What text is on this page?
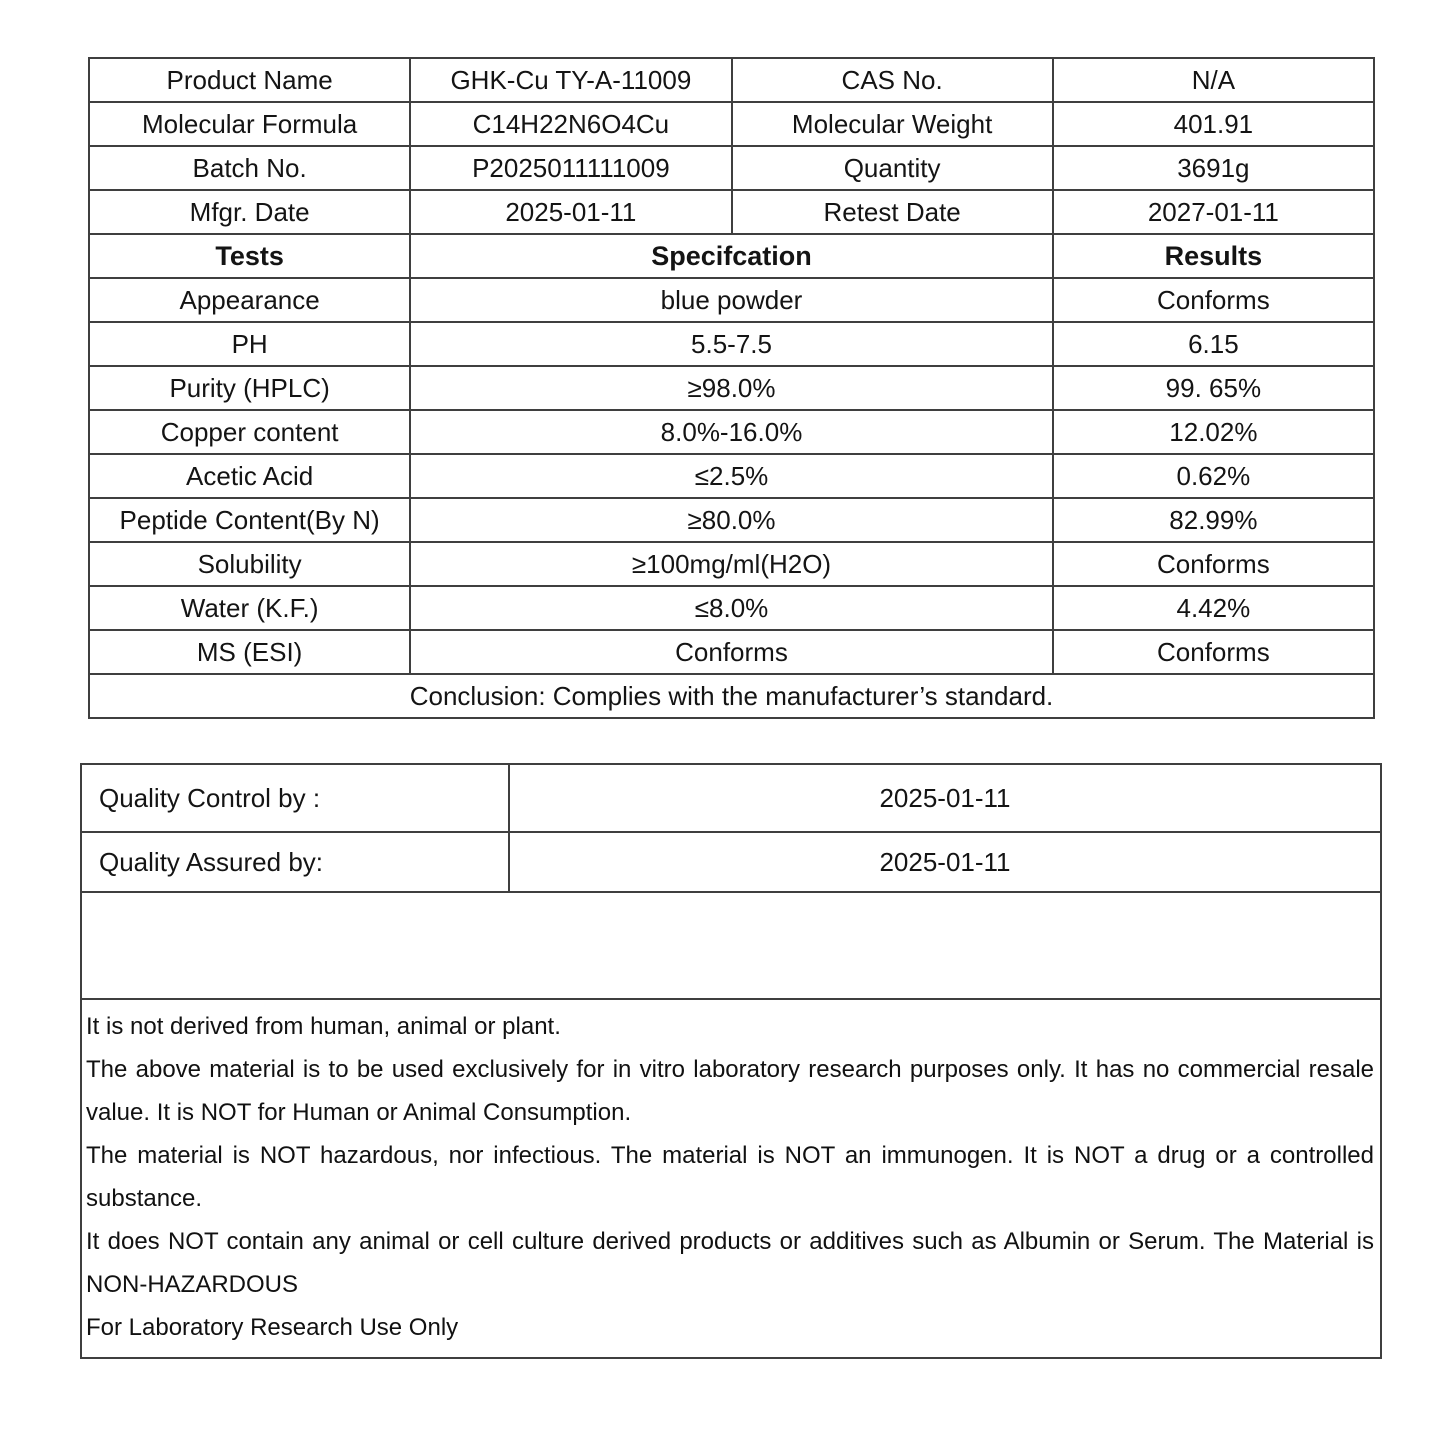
Product Name	GHK-Cu TY-A-11009	CAS No.	N/A
Molecular Formula	C14H22N6O4Cu	Molecular Weight	401.91
Batch No.	P2025011111009	Quantity	3691g
Mfgr. Date	2025-01-11	Retest Date	2027-01-11
Tests	Specifcation		Results
Appearance	blue powder		Conforms
PH	5.5-7.5		6.15
Purity (HPLC)	≥98.0%		99. 65%
Copper content	8.0%-16.0%		12.02%
Acetic Acid	≤2.5%		0.62%
Peptide Content(By N)	≥80.0%		82.99%
Solubility	≥100mg/ml(H2O)		Conforms
Water (K.F.)	≤8.0%		4.42%
MS (ESI)	Conforms		Conforms
Conclusion: Complies with the manufacturer’s standard.			
Quality Control by :	2025-01-11
Quality Assured by:	2025-01-11

It is not derived from human, animal or plant.

The above material is to be used exclusively for in vitro laboratory research purposes only. It has no commercial resale value. It is NOT for Human or Animal Consumption.

The material is NOT hazardous, nor infectious. The material is NOT an immunogen. It is NOT a drug or a controlled substance.

It does NOT contain any animal or cell culture derived products or additives such as Albumin or Serum. The Material is NON-HAZARDOUS

For Laboratory Research Use Only	
